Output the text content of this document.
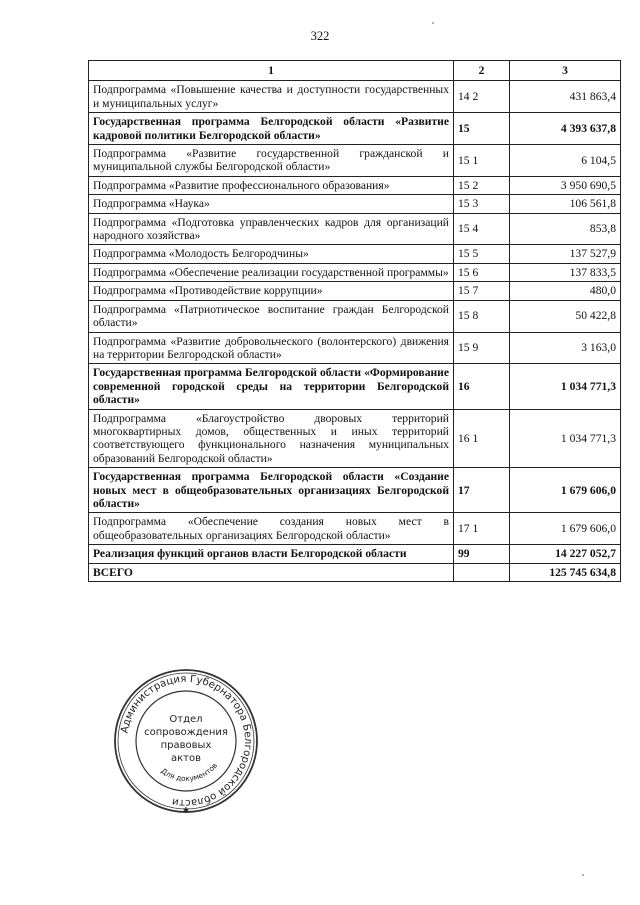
322
1	2	3
Подпрограмма «Повышение качества и доступности государственных и муниципальных услуг»	14 2	431 863,4
Государственная программа Белгородской области «Развитие кадровой политики Белгородской области»	15	4 393 637,8
Подпрограмма «Развитие государственной гражданской и муниципальной службы Белгородской области»	15 1	6 104,5
Подпрограмма «Развитие профессионального образования»	15 2	3 950 690,5
Подпрограмма «Наука»	15 3	106 561,8
Подпрограмма «Подготовка управленческих кадров для организаций народного хозяйства»	15 4	853,8
Подпрограмма «Молодость Белгородчины»	15 5	137 527,9
Подпрограмма «Обеспечение реализации государственной программы»	15 6	137 833,5
Подпрограмма «Противодействие коррупции»	15 7	480,0
Подпрограмма «Патриотическое воспитание граждан Белгородской области»	15 8	50 422,8
Подпрограмма «Развитие добровольческого (волонтерского) движения на территории Белгородской области»	15 9	3 163,0
Государственная программа Белгородской области «Формирование современной городской среды на территории Белгородской области»	16	1 034 771,3
Подпрограмма «Благоустройство дворовых территорий многоквартирных домов, общественных и иных территорий соответствующего функционального назначения муниципальных образований Белгородской области»	16 1	1 034 771,3
Государственная программа Белгородской области «Создание новых мест в общеобразовательных организациях Белгородской области»	17	1 679 606,0
Подпрограмма «Обеспечение создания новых мест в общеобразовательных организациях Белгородской области»	17 1	1 679 606,0
Реализация функций органов власти Белгородской области	99	14 227 052,7
ВСЕГО		125 745 634,8
Администрация Губернатора Белгородской области
Для документов
Отдел
сопровождения
правовых
актов
✱
